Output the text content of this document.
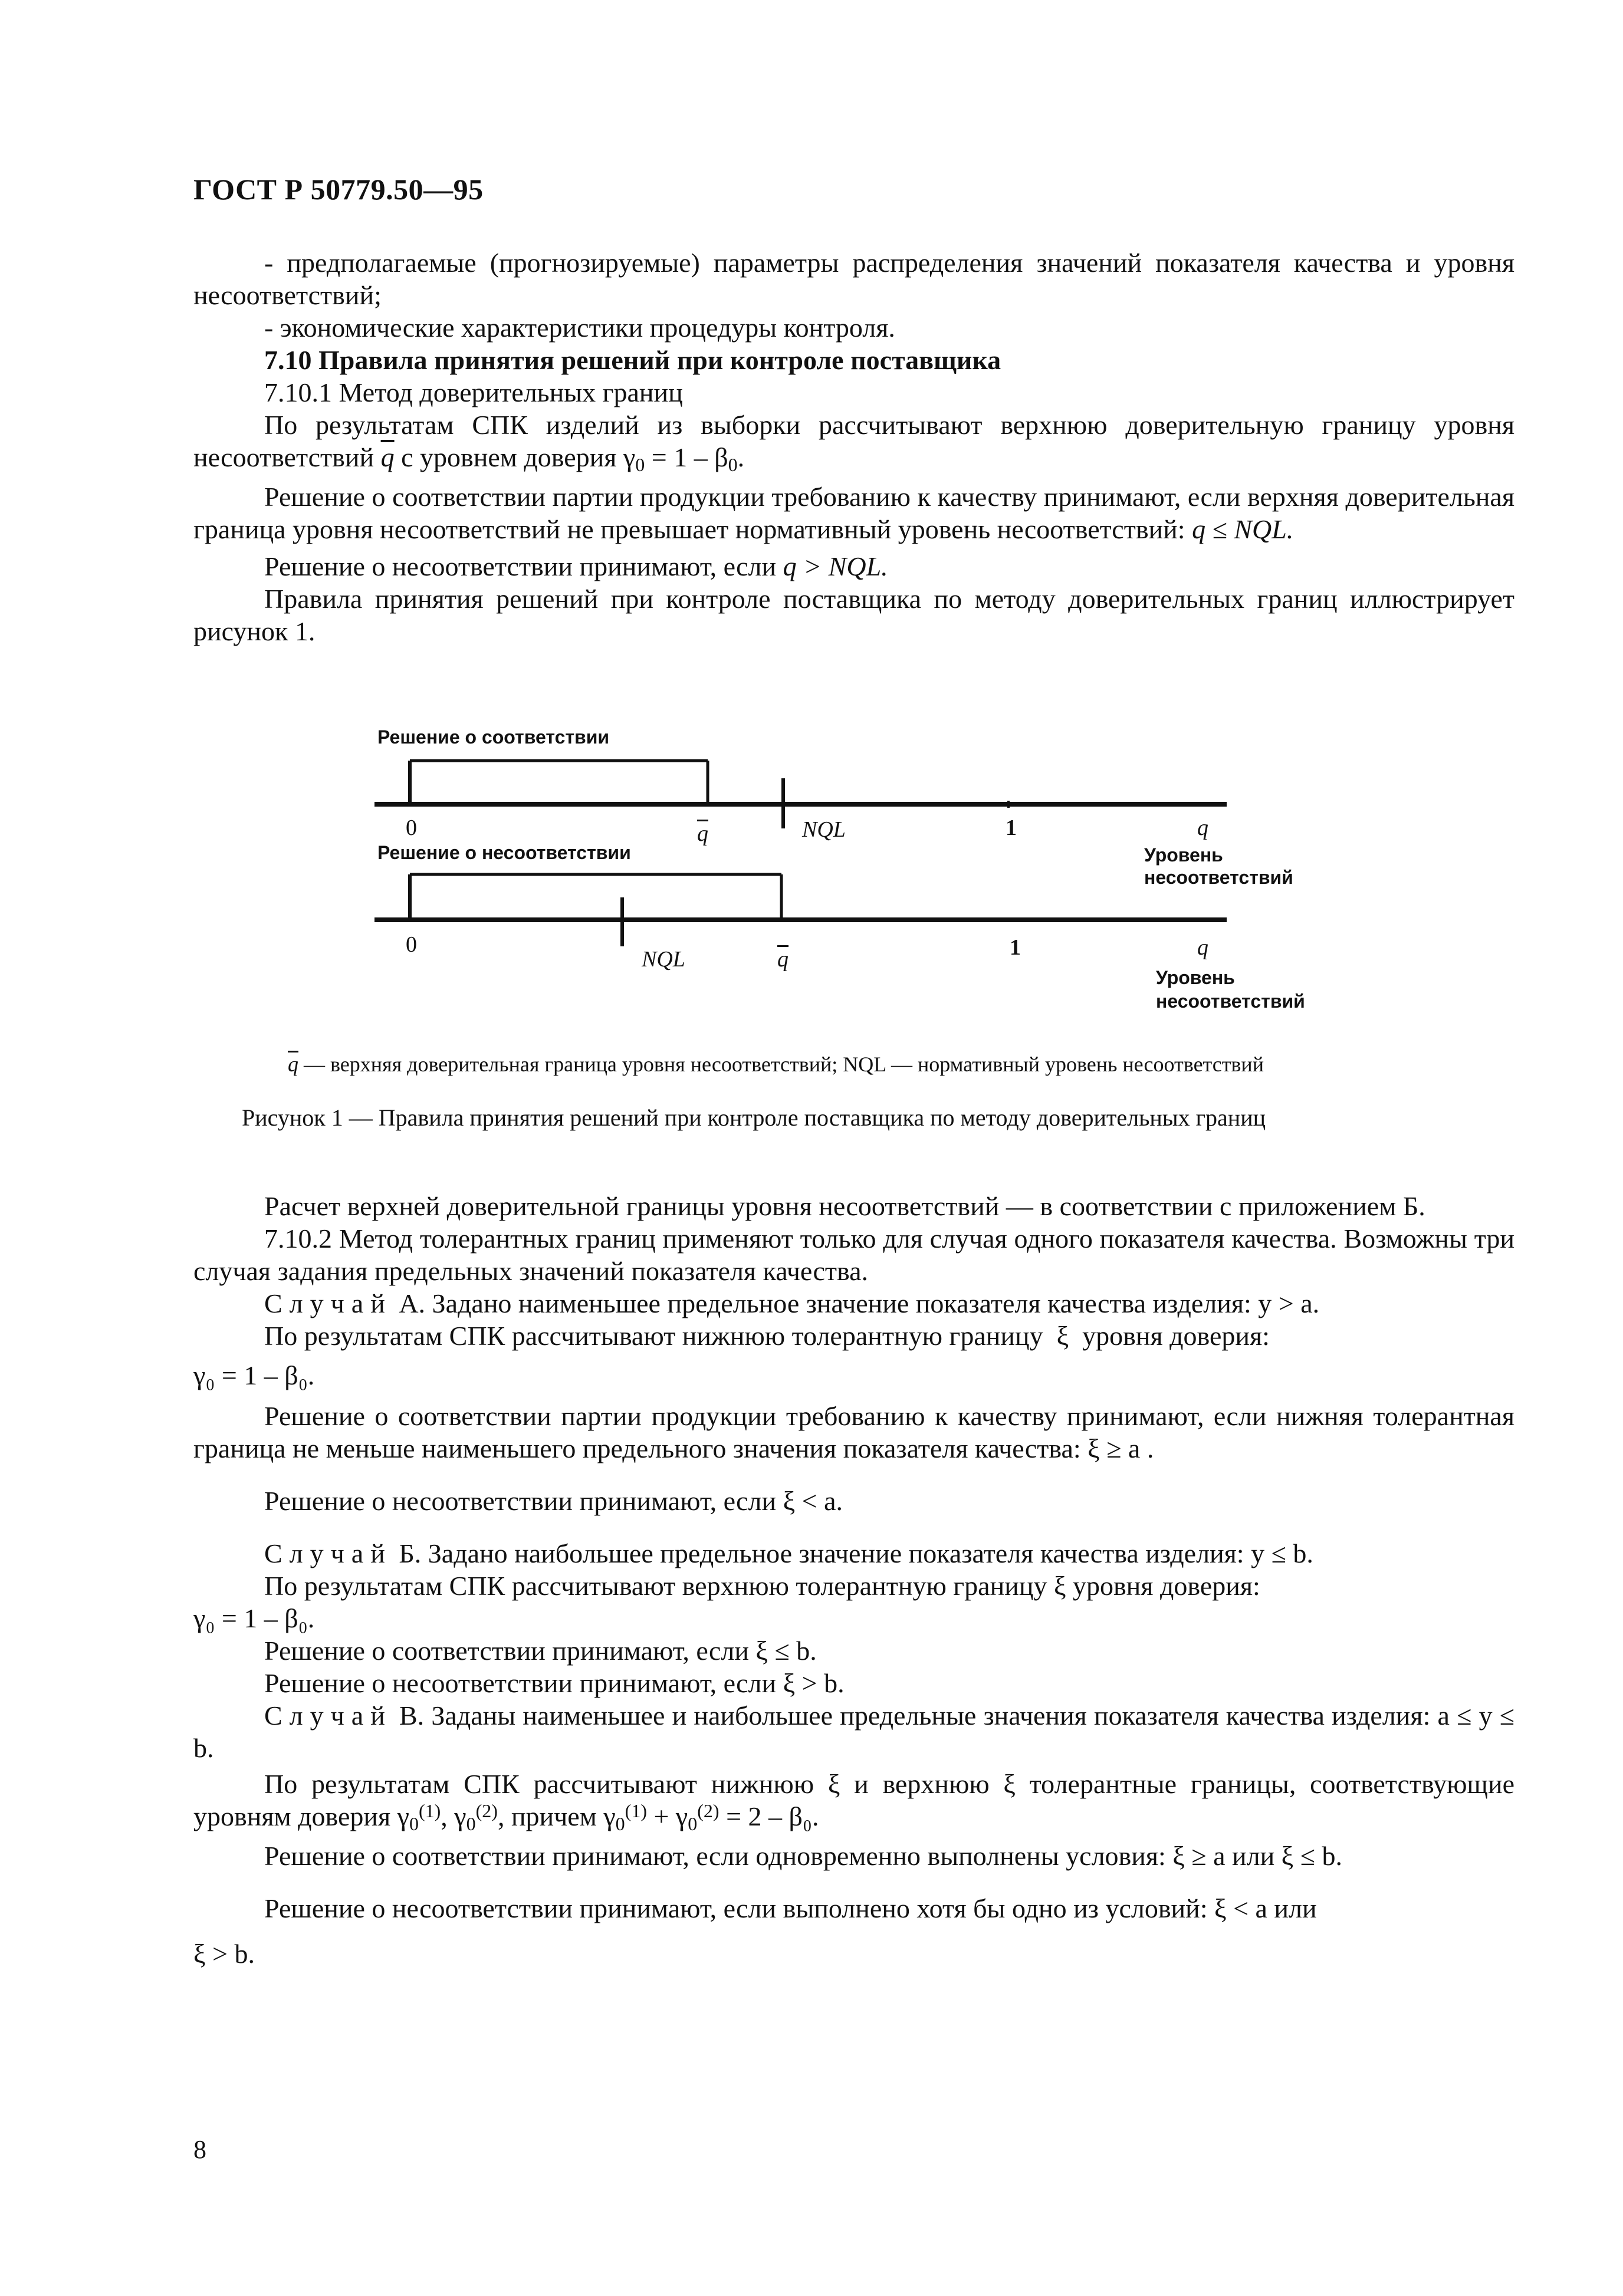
ГОСТ Р 50779.50—95

- предполагаемые (прогнозируемые) параметры распределения значений показателя качества и уровня несоответствий;

- экономические характеристики процедуры контроля.

7.10 Правила принятия решений при контроле поставщика

7.10.1 Метод доверительных границ

По результатам СПК изделий из выборки рассчитывают верхнюю доверительную границу уровня несоответствий $\overline{q}$ с уровнем доверия $\gamma_0 = 1 - \beta_0$.

Решение о соответствии партии продукции требованию к качеству принимают, если верхняя доверительная граница уровня несоответствий не превышает нормативный уровень несоответствий: q ≤ NQL.

Решение о несоответствии принимают, если q > NQL.

Правила принятия решений при контроле поставщика по методу доверительных границ иллюстрирует рисунок 1.

Решение о соответствии
0	$\overline{q}$	NQL	1	q
Уровень
несоответствий
Решение о несоответствии
0
NQL	$\overline{q}$	1	q
Уровень
несоответствий
$\overline{q}$ — верхняя доверительная граница уровня несоответствий; NQL — нормативный уровень несоответствий
Рисунок 1 — Правила принятия решений при контроле поставщика по методу доверительных границ

Расчет верхней доверительной границы уровня несоответствий — в соответствии с приложением Б.

7.10.2 Метод толерантных границ применяют только для случая одного показателя качества. Возможны три случая задания предельных значений показателя качества.

Случай А. Задано наименьшее предельное значение показателя качества изделия: y > a.

По результатам СПК рассчитывают нижнюю толерантную границу  ξ  уровня доверия:

γ₀ = 1 – β₀.

Решение о соответствии партии продукции требованию к качеству принимают, если нижняя толерантная граница не меньше наименьшего предельного значения показателя качества: ξ ≥ a .

Решение о несоответствии принимают, если ξ < a.

Случай Б. Задано наибольшее предельное значение показателя качества изделия: y ≤ b.

По результатам СПК рассчитывают верхнюю толерантную границу ξ уровня доверия:

γ₀ = 1 – β₀.

Решение о соответствии принимают, если ξ ≤ b.

Решение о несоответствии принимают, если ξ > b.

Случай В. Заданы наименьшее и наибольшее предельные значения показателя качества изделия: a ≤ y ≤ b.

По результатам СПК рассчитывают нижнюю ξ и верхнюю ξ толерантные границы, соответствующие уровням доверия $\gamma_0^{(1)}$, $\gamma_0^{(2)}$, причем $\gamma_0^{(1)} + \gamma_0^{(2)} = 2 - \beta_0$.

Решение о соответствии принимают, если одновременно выполнены условия: ξ ≥ a или ξ ≤ b.

Решение о несоответствии принимают, если выполнено хотя бы одно из условий: ξ < a или

ξ > b.

8
